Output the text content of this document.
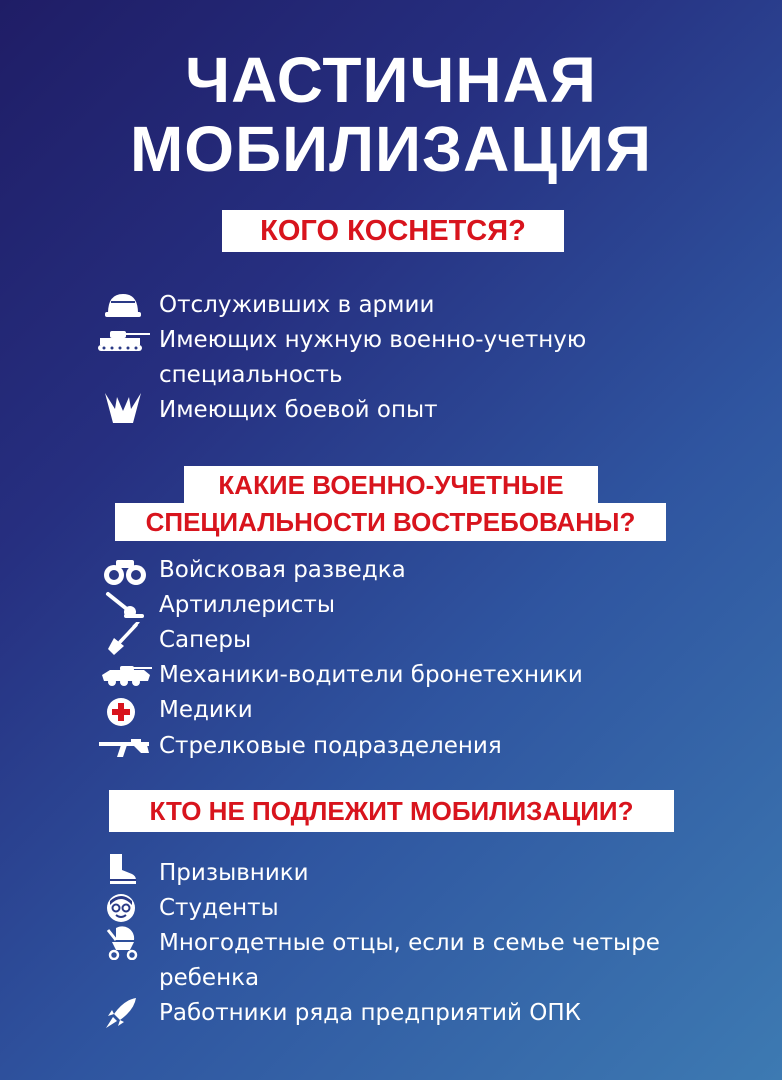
ЧАСТИЧНАЯ
МОБИЛИЗАЦИЯ
КОГО КОСНЕТСЯ?
Отслуживших в армии
Имеющих нужную военно-учетную
специальность
Имеющих боевой опыт
КАКИЕ ВОЕННО-УЧЕТНЫЕ
СПЕЦИАЛЬНОСТИ ВОСТРЕБОВАНЫ?
Войсковая разведка
Артиллеристы
Саперы
Механики-водители бронетехники
Медики
Стрелковые подразделения
КТО НЕ ПОДЛЕЖИТ МОБИЛИЗАЦИИ?
Призывники
Студенты
Многодетные отцы, если в семье четыре
ребенка
Работники ряда предприятий ОПК
